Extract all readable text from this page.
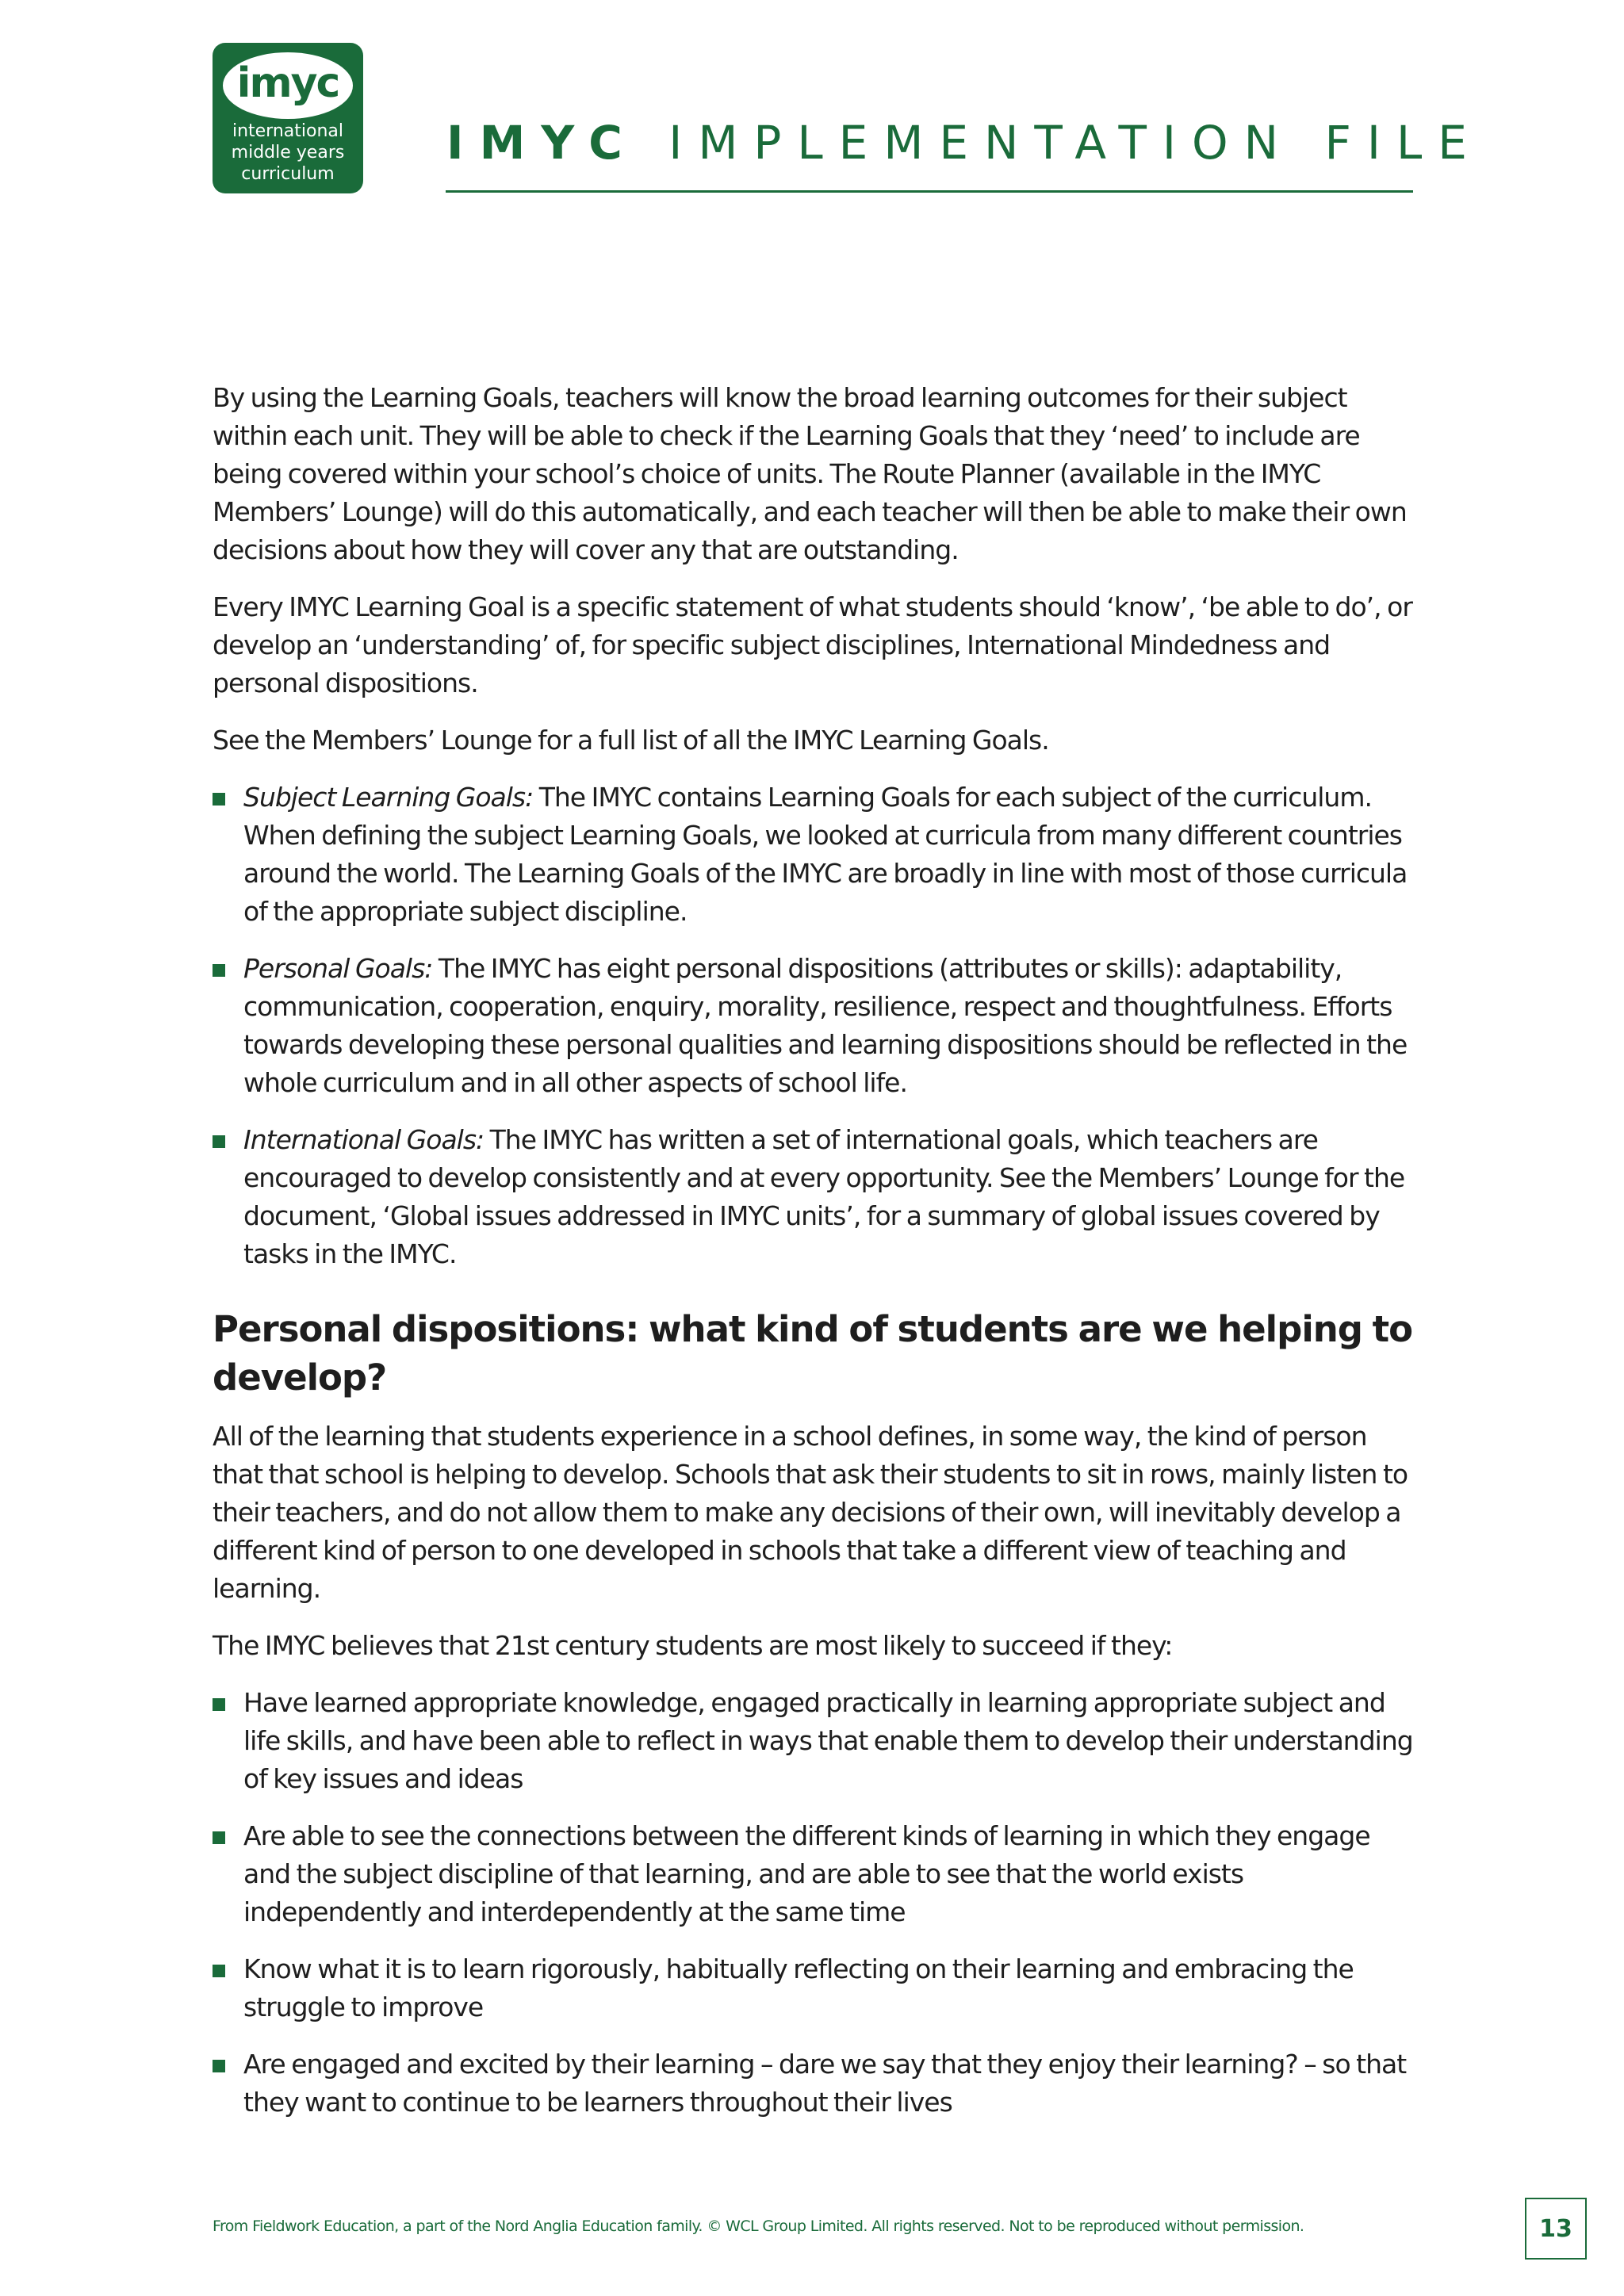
imyc
international
middle years
curriculum
IMYC IMPLEMENTATION FILE

By using the Learning Goals, teachers will know the broad learning outcomes for their subject within each unit. They will be able to check if the Learning Goals that they ‘need’ to include are being covered within your school’s choice of units. The Route Planner (available in the IMYC Members’ Lounge) will do this automatically, and each teacher will then be able to make their own decisions about how they will cover any that are outstanding.

Every IMYC Learning Goal is a specific statement of what students should ‘know’, ‘be able to do’, or develop an ‘understanding’ of, for specific subject disciplines, International Mindedness and personal dispositions.

See the Members’ Lounge for a full list of all the IMYC Learning Goals.

Subject Learning Goals: The IMYC contains Learning Goals for each subject of the curriculum. When defining the subject Learning Goals, we looked at curricula from many different countries around the world. The Learning Goals of the IMYC are broadly in line with most of those curricula of the appropriate subject discipline.
Personal Goals: The IMYC has eight personal dispositions (attributes or skills): adaptability, communication, cooperation, enquiry, morality, resilience, respect and thoughtfulness. Efforts towards developing these personal qualities and learning dispositions should be reflected in the whole curriculum and in all other aspects of school life.
International Goals: The IMYC has written a set of international goals, which teachers are encouraged to develop consistently and at every opportunity. See the Members’ Lounge for the document, ‘Global issues addressed in IMYC units’, for a summary of global issues covered by tasks in the IMYC.
Personal dispositions: what kind of students are we helping to develop?

All of the learning that students experience in a school defines, in some way, the kind of person that that school is helping to develop. Schools that ask their students to sit in rows, mainly listen to their teachers, and do not allow them to make any decisions of their own, will inevitably develop a different kind of person to one developed in schools that take a different view of teaching and learning.

The IMYC believes that 21st century students are most likely to succeed if they:

Have learned appropriate knowledge, engaged practically in learning appropriate subject and life skills, and have been able to reflect in ways that enable them to develop their understanding of key issues and ideas
Are able to see the connections between the different kinds of learning in which they engage and the subject discipline of that learning, and are able to see that the world exists independently and interdependently at the same time
Know what it is to learn rigorously, habitually reflecting on their learning and embracing the struggle to improve
Are engaged and excited by their learning – dare we say that they enjoy their learning? – so that they want to continue to be learners throughout their lives
From Fieldwork Education, a part of the Nord Anglia Education family. © WCL Group Limited. All rights reserved. Not to be reproduced without permission.	13
